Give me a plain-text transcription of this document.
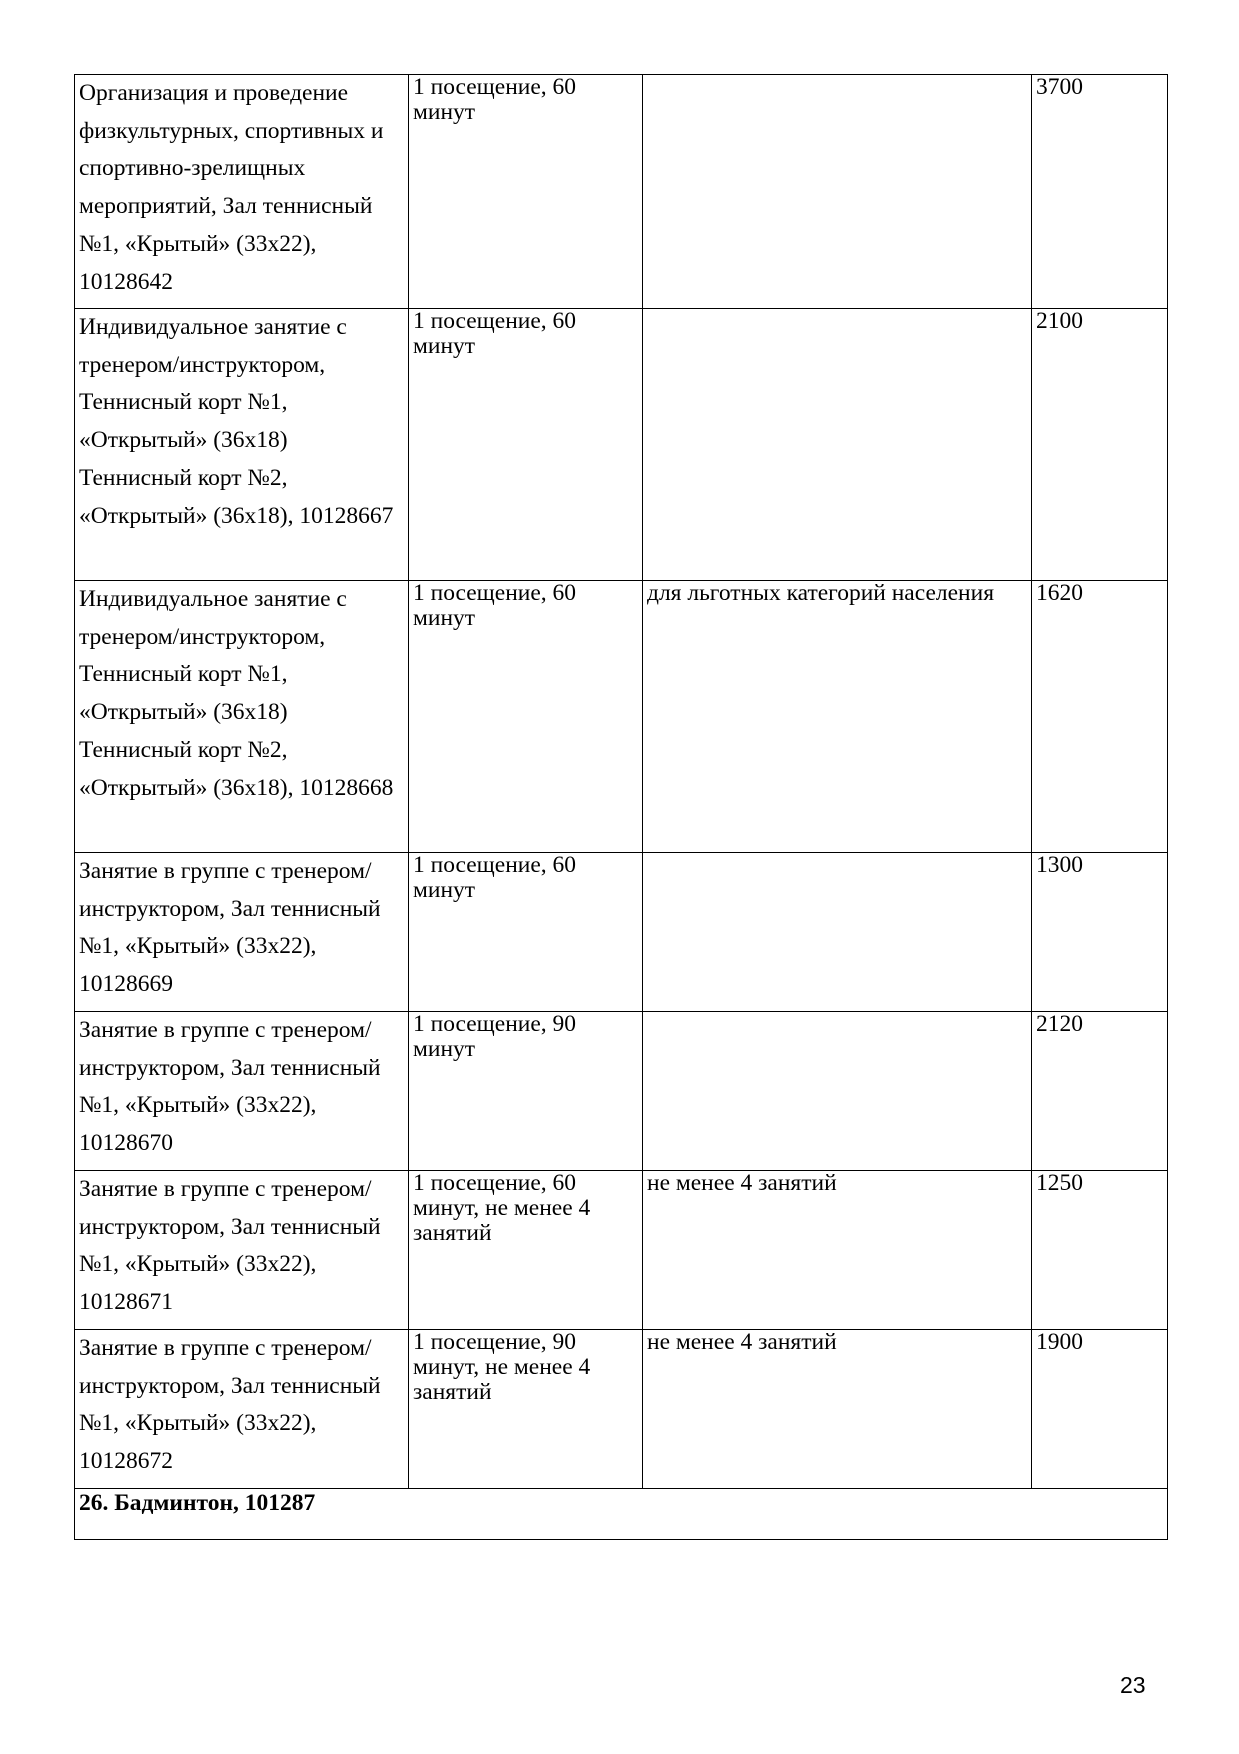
Организация и проведение физкультурных, спортивных и спортивно-зрелищных мероприятий, Зал теннисный №1, «Крытый» (33х22), 10128642	1 посещение, 60 минут		3700
Индивидуальное занятие с тренером/инструктором, Теннисный корт №1, «Открытый» (36х18) Теннисный корт №2, «Открытый» (36х18), 10128667	1 посещение, 60 минут		2100
Индивидуальное занятие с тренером/инструктором, Теннисный корт №1, «Открытый» (36х18) Теннисный корт №2, «Открытый» (36х18), 10128668	1 посещение, 60 минут	для льготных категорий населения	1620
Занятие в группе с тренером/инструктором, Зал теннисный №1, «Крытый» (33х22), 10128669	1 посещение, 60 минут		1300
Занятие в группе с тренером/инструктором, Зал теннисный №1, «Крытый» (33х22), 10128670	1 посещение, 90 минут		2120
Занятие в группе с тренером/инструктором, Зал теннисный №1, «Крытый» (33х22), 10128671	1 посещение, 60 минут, не менее 4 занятий	не менее 4 занятий	1250
Занятие в группе с тренером/инструктором, Зал теннисный №1, «Крытый» (33х22), 10128672	1 посещение, 90 минут, не менее 4 занятий	не менее 4 занятий	1900
26. Бадминтон, 101287			
23
